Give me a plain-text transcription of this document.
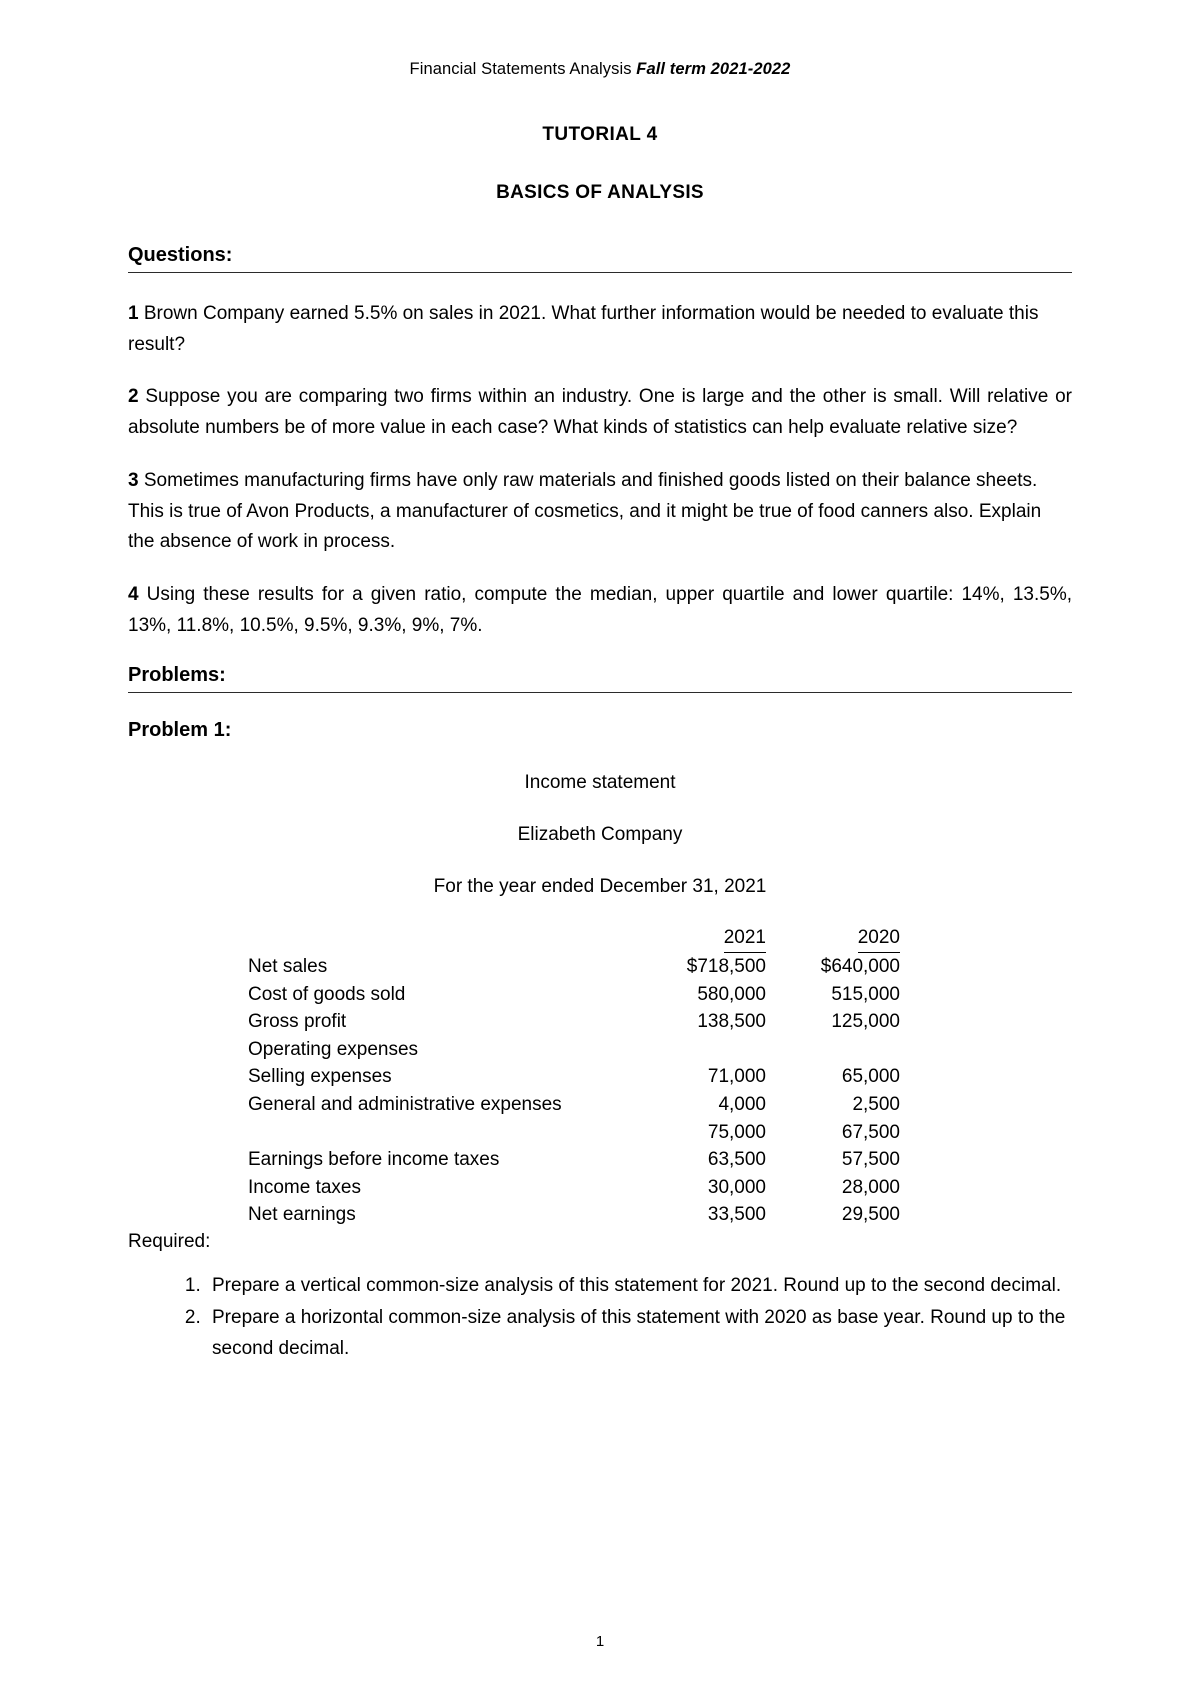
Financial Statements Analysis Fall term 2021-2022
TUTORIAL 4
BASICS OF ANALYSIS
Questions:

1 Brown Company earned 5.5% on sales in 2021. What further information would be needed to evaluate this result?

2 Suppose you are comparing two firms within an industry. One is large and the other is small. Will relative or absolute numbers be of more value in each case? What kinds of statistics can help evaluate relative size?

3 Sometimes manufacturing firms have only raw materials and finished goods listed on their balance sheets. This is true of Avon Products, a manufacturer of cosmetics, and it might be true of food canners also. Explain the absence of work in process.

4 Using these results for a given ratio, compute the median, upper quartile and lower quartile: 14%, 13.5%, 13%, 11.8%, 10.5%, 9.5%, 9.3%, 9%, 7%.

Problems:
Problem 1:
Income statement
Elizabeth Company
For the year ended December 31, 2021
	2021	2020
Net sales	$718,500	$640,000
Cost of goods sold	580,000	515,000
Gross profit	138,500	125,000
Operating expenses		
Selling expenses	71,000	65,000
General and administrative expenses	4,000	2,500
	75,000	67,500
Earnings before income taxes	63,500	57,500
Income taxes	30,000	28,000
Net earnings	33,500	29,500
Required:
1. Prepare a vertical common-size analysis of this statement for 2021. Round up to the second decimal.
2. Prepare a horizontal common-size analysis of this statement with 2020 as base year. Round up to the second decimal.
1
